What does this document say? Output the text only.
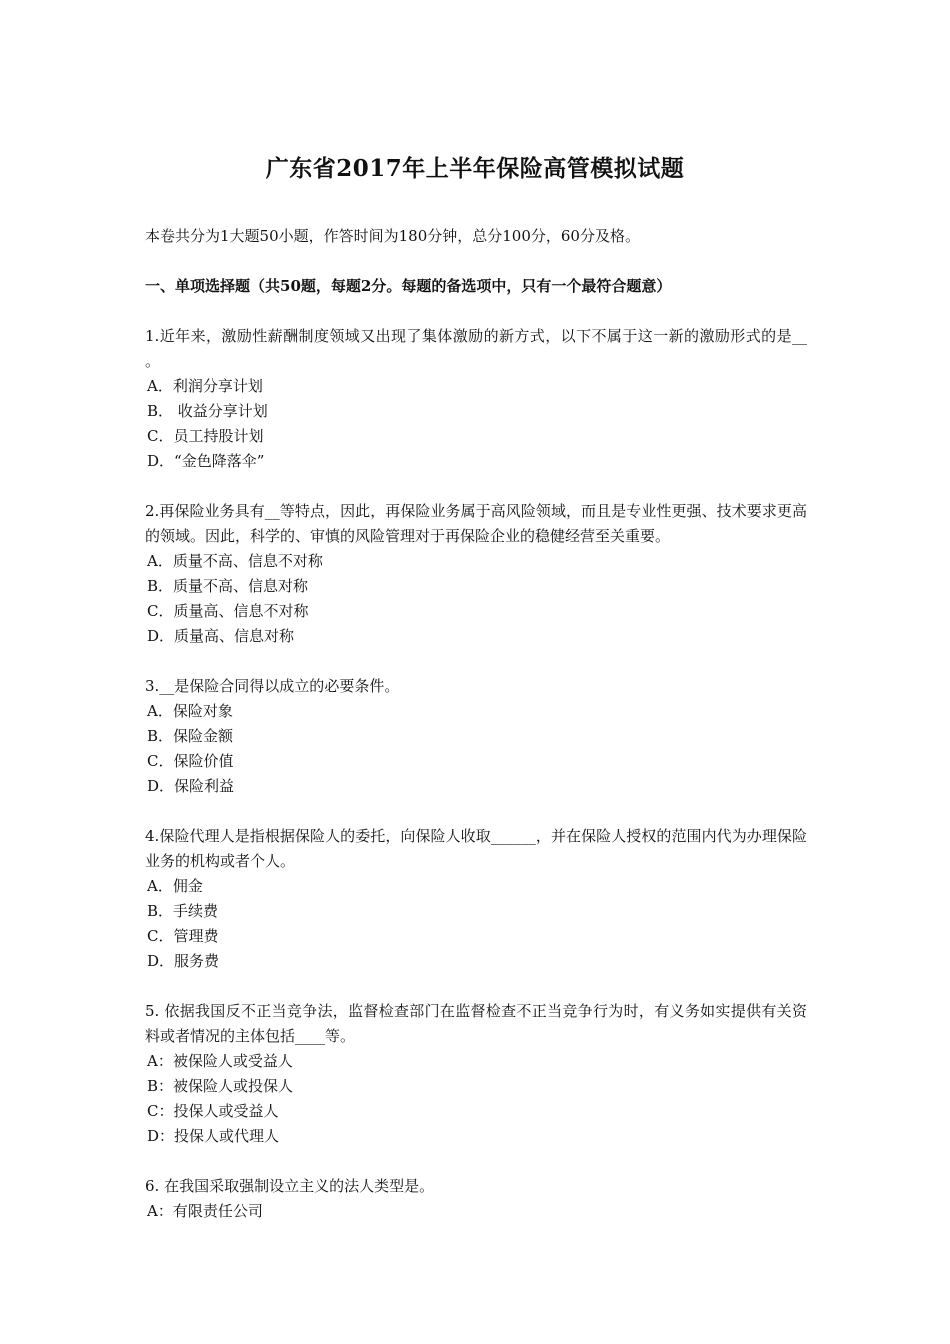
广东省2017年上半年保险高管模拟试题
本卷共分为1大题50小题，作答时间为180分钟，总分100分，60分及格。
一、单项选择题（共50题，每题2分。每题的备选项中，只有一个最符合题意）
1.近年来，激励性薪酬制度领域又出现了集体激励的新方式，以下不属于这一新的激励形式的是__ 。
A．利润分享计划
B． 收益分享计划
C．员工持股计划
D．“金色降落伞”
2.再保险业务具有__等特点，因此，再保险业务属于高风险领域，而且是专业性更强、技术要求更高的领域。因此，科学的、审慎的风险管理对于再保险企业的稳健经营至关重要。
A．质量不高、信息不对称
B．质量不高、信息对称
C．质量高、信息不对称
D．质量高、信息对称
3.__是保险合同得以成立的必要条件。
A．保险对象
B．保险金额
C．保险价值
D．保险利益
4.保险代理人是指根据保险人的委托，向保险人收取______，并在保险人授权的范围内代为办理保险业务的机构或者个人。
A．佣金
B．手续费
C．管理费
D．服务费
5. 依据我国反不正当竞争法，监督检查部门在监督检查不正当竞争行为时，有义务如实提供有关资料或者情况的主体包括____等。
A：被保险人或受益人
B：被保险人或投保人
C：投保人或受益人
D：投保人或代理人
6. 在我国采取强制设立主义的法人类型是。
A：有限责任公司
